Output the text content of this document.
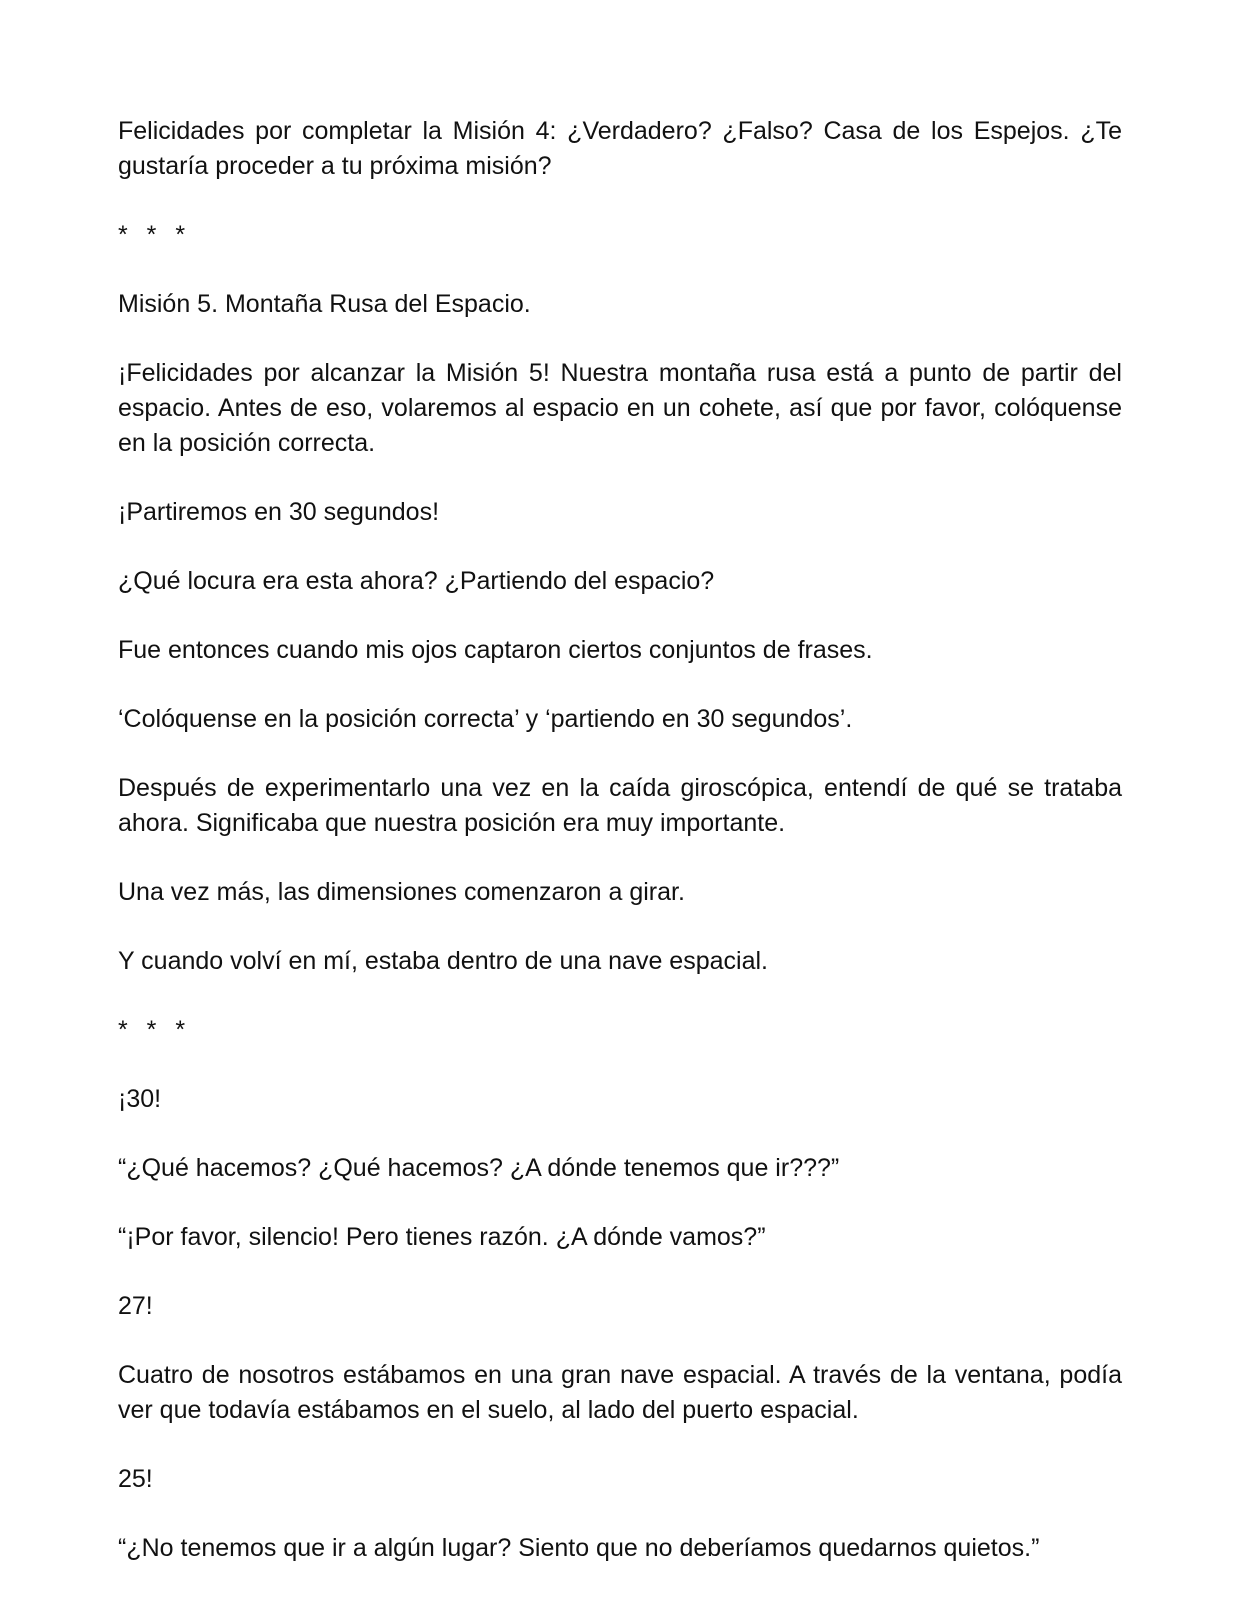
Felicidades por completar la Misión 4: ¿Verdadero? ¿Falso? Casa de los Espejos. ¿Te gustaría proceder a tu próxima misión?

* * *

Misión 5. Montaña Rusa del Espacio.

¡Felicidades por alcanzar la Misión 5! Nuestra montaña rusa está a punto de partir del espacio. Antes de eso, volaremos al espacio en un cohete, así que por favor, colóquense en la posición correcta.

¡Partiremos en 30 segundos!

¿Qué locura era esta ahora? ¿Partiendo del espacio?

Fue entonces cuando mis ojos captaron ciertos conjuntos de frases.

‘Colóquense en la posición correcta’ y ‘partiendo en 30 segundos’.

Después de experimentarlo una vez en la caída giroscópica, entendí de qué se trataba ahora. Significaba que nuestra posición era muy importante.

Una vez más, las dimensiones comenzaron a girar.

Y cuando volví en mí, estaba dentro de una nave espacial.

* * *

¡30!

“¿Qué hacemos? ¿Qué hacemos? ¿A dónde tenemos que ir???”

“¡Por favor, silencio! Pero tienes razón. ¿A dónde vamos?”

27!

Cuatro de nosotros estábamos en una gran nave espacial. A través de la ventana, podía ver que todavía estábamos en el suelo, al lado del puerto espacial.

25!

“¿No tenemos que ir a algún lugar? Siento que no deberíamos quedarnos quietos.”
